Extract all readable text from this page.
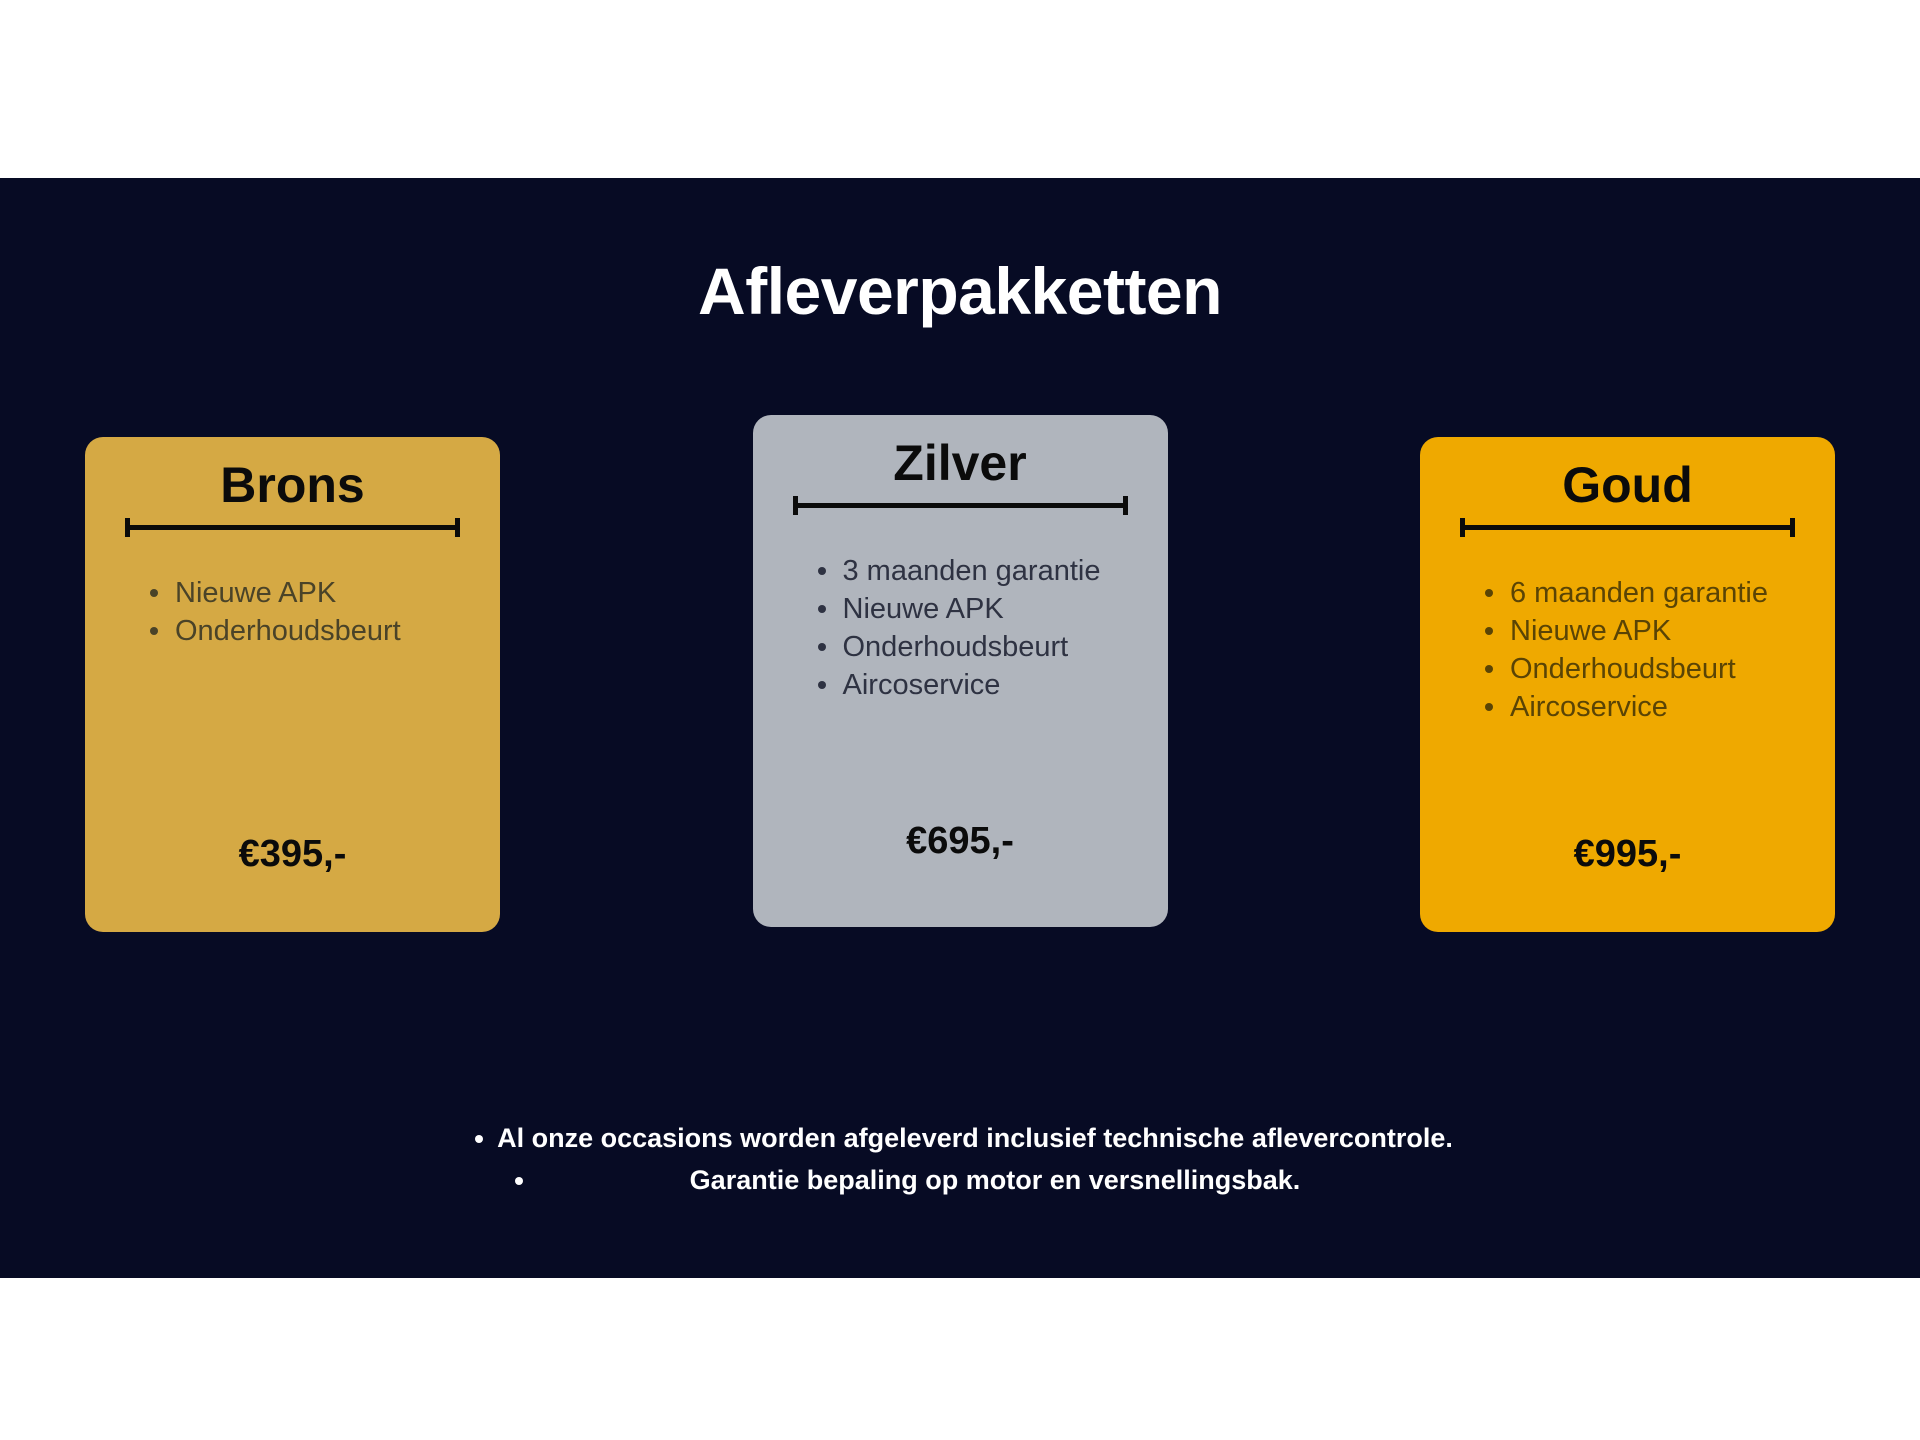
Afleverpakketten
Brons
Nieuwe APK
Onderhoudsbeurt
€395,-
Zilver
3 maanden garantie
Nieuwe APK
Onderhoudsbeurt
Aircoservice
€695,-
Goud
6 maanden garantie
Nieuwe APK
Onderhoudsbeurt
Aircoservice
€995,-
Al onze occasions worden afgeleverd inclusief technische aflevercontrole.
Garantie bepaling op motor en versnellingsbak.
